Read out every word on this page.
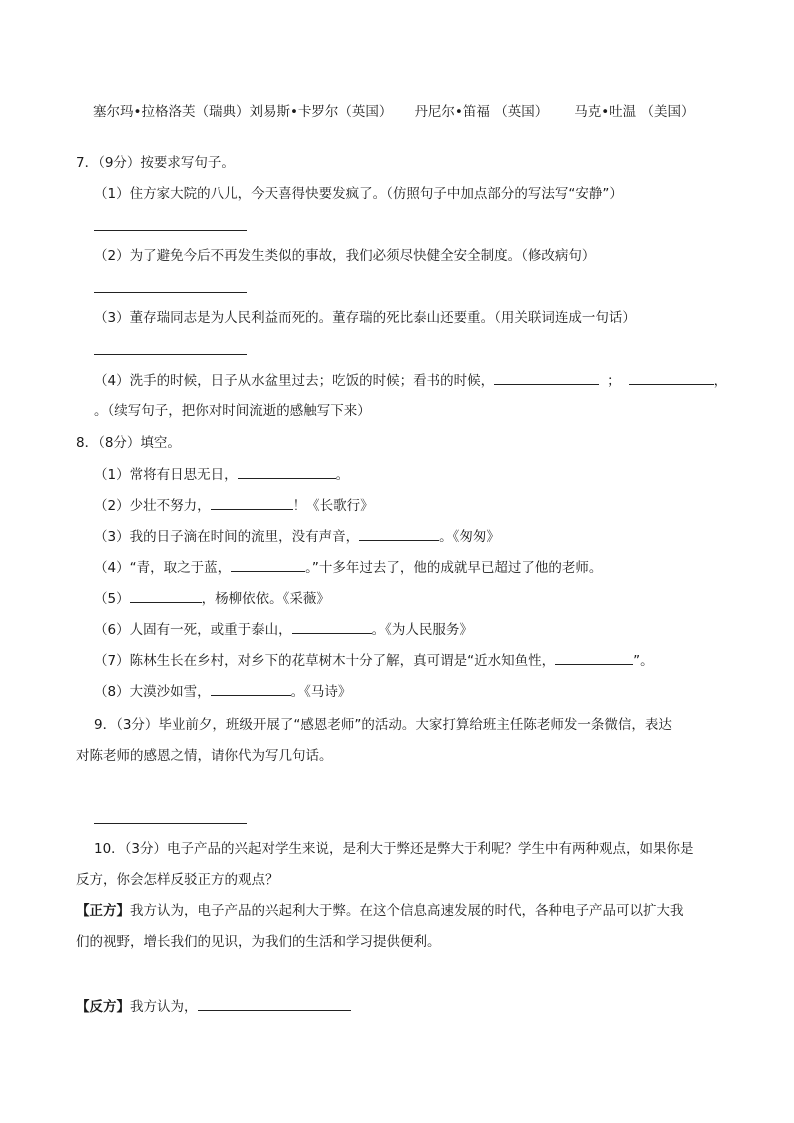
塞尔玛•拉格洛芙（瑞典）刘易斯•卡罗尔（英国） 丹尼尔•笛福 （英国） 马克•吐温 （美国）
7．（9分）按要求写句子。
（1）住方家大院的八儿，今天喜得快要发疯了。（仿照句子中加点部分的写法写“安静”）
（2）为了避免今后不再发生类似的事故，我们必须尽快健全安全制度。（修改病句）
（3）董存瑞同志是为人民利益而死的。董存瑞的死比泰山还要重。（用关联词连成一句话）
（4）洗手的时候，日子从水盆里过去；吃饭的时候；看书的时候，	；	，
。（续写句子，把你对时间流逝的感触写下来）
8．（8分）填空。
（1）常将有日思无日，	。
（2）少壮不努力，	！《长歌行》
（3）我的日子滴在时间的流里，没有声音，	。《匆匆》
（4）“青，取之于蓝，	。”十多年过去了，他的成就早已超过了他的老师。
（5）	，杨柳依依。《采薇》
（6）人固有一死，或重于泰山，	。《为人民服务》
（7）陈林生长在乡村，对乡下的花草树木十分了解，真可谓是“近水知鱼性，	”。
（8）大漠沙如雪，	。《马诗》
9．（3分）毕业前夕，班级开展了“感恩老师”的活动。大家打算给班主任陈老师发一条微信，表达
对陈老师的感恩之情，请你代为写几句话。
10．（3分）电子产品的兴起对学生来说，是利大于弊还是弊大于利呢？学生中有两种观点，如果你是
反方，你会怎样反驳正方的观点？
【正方】我方认为，电子产品的兴起利大于弊。在这个信息高速发展的时代，各种电子产品可以扩大我
们的视野，增长我们的见识，为我们的生活和学习提供便利。
【反方】我方认为，
